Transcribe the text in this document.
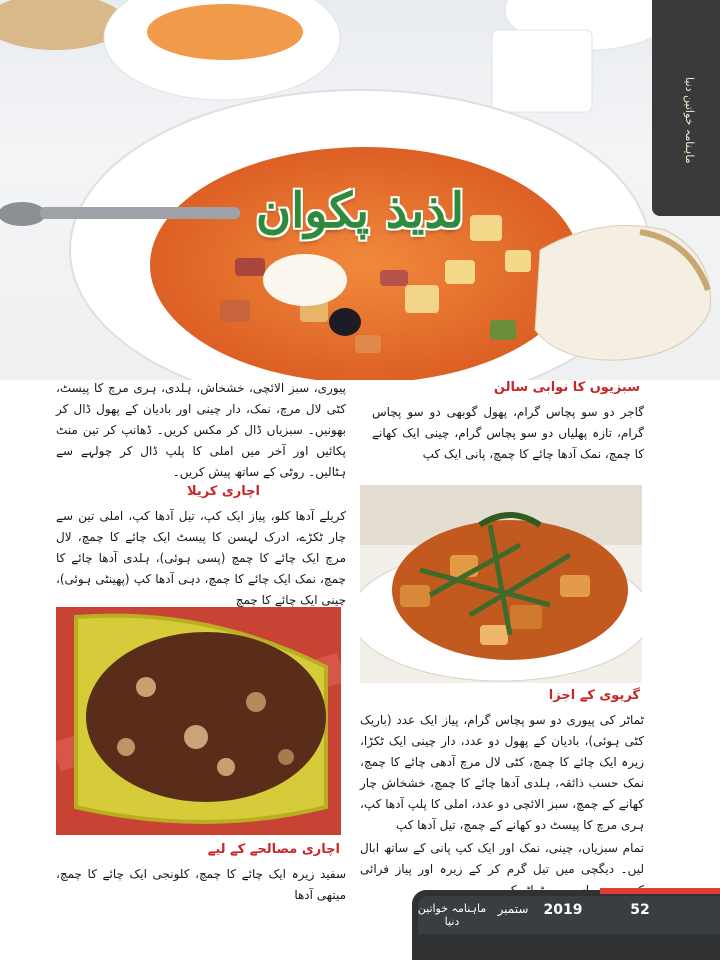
ماہنامہ خواتین دنیا
لذیذ پکوان
سبزیوں کا نوابی سالن
گاجر دو سو پچاس گرام، پھول گوبھی دو سو پچاس گرام، تازہ پھلیاں دو سو پچاس گرام، چینی ایک کھانے کا چمچ، نمک آدھا چائے کا چمچ، پانی ایک کپ
پیوری، سبز الائچی، خشخاش، ہلدی، ہری مرچ کا پیسٹ، کٹی لال مرچ، نمک، دار چینی اور بادیان کے پھول ڈال کر بھونیں۔ سبزیاں ڈال کر مکس کریں۔ ڈھانپ کر تین منٹ پکائیں اور آخر میں املی کا پلپ ڈال کر چولہے سے ہٹالیں۔ روٹی کے ساتھ پیش کریں۔
اچاری کریلا
کریلے آدھا کلو، پیاز ایک کپ، تیل آدھا کپ، املی تین سے چار ٹکڑے، ادرک لہسن کا پیسٹ ایک چائے کا چمچ، لال مرچ ایک چائے کا چمچ (پسی ہوئی)، ہلدی آدھا چائے کا چمچ، نمک ایک چائے کا چمچ، دہی آدھا کپ (پھینٹی ہوئی)، چینی ایک چائے کا چمچ
گریوی کے اجزا
ٹماٹر کی پیوری دو سو پچاس گرام، پیاز ایک عدد (باریک کٹی ہوئی)، بادیان کے پھول دو عدد، دار چینی ایک ٹکڑا، زیرہ ایک چائے کا چمچ، کٹی لال مرچ آدھی چائے کا چمچ، نمک حسب ذائقہ، ہلدی آدھا چائے کا چمچ، خشخاش چار کھانے کے چمچ، سبز الائچی دو عدد، املی کا پلپ آدھا کپ، ہری مرچ کا پیسٹ دو کھانے کے چمچ، تیل آدھا کپ
تمام سبزیاں، چینی، نمک اور ایک کپ پانی کے ساتھ ابال لیں۔ دیگچی میں تیل گرم کر کے زیرہ اور پیاز فرائی
اچاری مصالحے کے لیے
سفید زیرہ ایک چائے کا چمچ، کلونجی ایک چائے کا چمچ، میتھی آدھا
52
2019
ستمبر
ماہنامہ خواتین دنیا
